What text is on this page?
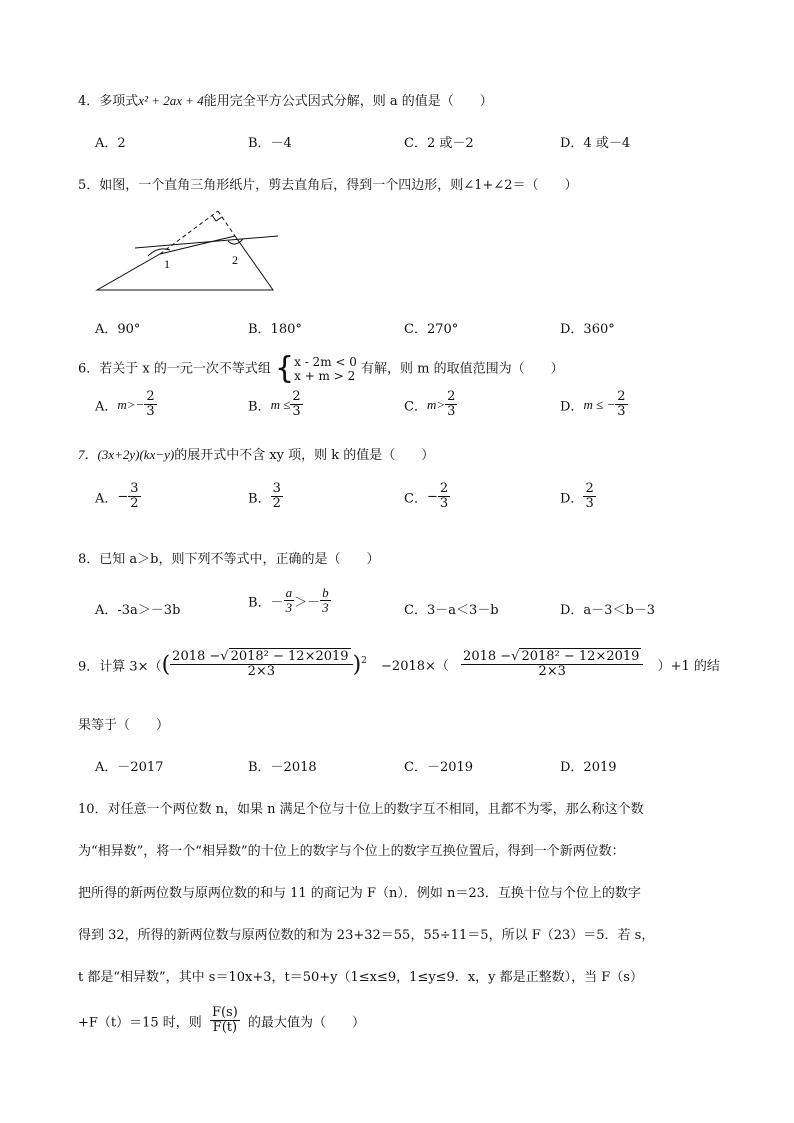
4．多项式x² + 2ax + 4能用完全平方公式因式分解，则 a 的值是（　　）
A．2	B．－4	C．2 或－2	D．4 或－4
5．如图，一个直角三角形纸片，剪去直角后，得到一个四边形，则∠1+∠2＝（　　）
1	2
A．90°	B．180°	C．270°	D．360°
6．若关于 x 的一元一次不等式组 { x - 2m < 0
x + m > 2 有解，则 m 的取值范围为（　　）
A．$m>- \frac{2}{3}$	B．$m \le \frac{2}{3}$	C．$m> \frac{2}{3}$	D．m ≤ − $\frac{2}{3}$
7．(3x+2y)(kx−y)的展开式中不含 xy 项，则 k 的值是（　　）
A．− $\frac{3}{2}$	B． $\frac{3}{2}$	C．− $\frac{2}{3}$	D． $\frac{2}{3}$
8．已知 a＞b，则下列不等式中，正确的是（　　）
A．-3a＞－3b
B．－ $\frac{a}{3} >- \frac{b}{3}$	C．3－a＜3－b	D．a－3＜b－3
9．计算 $3\times(( \frac{\text{2018 −√ 2018² − 12×2019}}{2\times 3} )^2 -2018\times( \frac{\text{2018 −√ 2018² − 12×2019}}{2\times 3} )+1$ 的结
果等于（　　）
A．－2017	B．－2018	C．－2019	D．2019
10．对任意一个两位数 n，如果 n 满足个位与十位上的数字互不相同，且都不为零，那么称这个数
为“相异数”，将一个“相异数”的十位上的数字与个位上的数字互换位置后，得到一个新两位数：
把所得的新两位数与原两位数的和与 11 的商记为 F（n）．例如 n＝23．互换十位与个位上的数字
得到 32，所得的新两位数与原两位数的和为 23+32＝55，55÷11＝5，所以 F（23）＝5．若 s，
t 都是“相异数”，其中 s＝10x+3，t＝50+y（1≤x≤9，1≤y≤9．x，y 都是正整数），当 F（s）
+F（t）＝15 时，则 $\frac{F(s)}{F(t)}$ 的最大值为（　　）
